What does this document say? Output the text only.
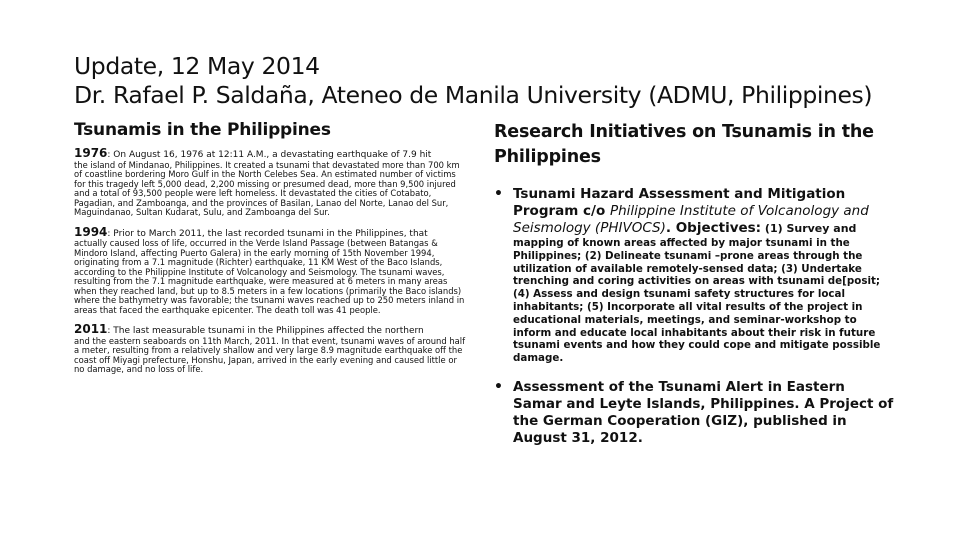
Update, 12 May 2014
Dr. Rafael P. Saldaña, Ateneo de Manila University (ADMU, Philippines)
Tsunamis in the Philippines
1976: On August 16, 1976 at 12:11 A.M., a devastating earthquake of 7.9 hit
the island of Mindanao, Philippines. It created a tsunami that devastated more than 700 km of coastline bordering Moro Gulf in the North Celebes Sea. An estimated number of victims for this tragedy left 5,000 dead, 2,200 missing or presumed dead, more than 9,500 injured and a total of 93,500 people were left homeless. It devastated the cities of Cotabato, Pagadian, and Zamboanga, and the provinces of Basilan, Lanao del Norte, Lanao del Sur, Maguindanao, Sultan Kudarat, Sulu, and Zamboanga del Sur.
1994: Prior to March 2011, the last recorded tsunami in the Philippines, that
actually caused loss of life, occurred in the Verde Island Passage (between Batangas & Mindoro Island, affecting Puerto Galera) in the early morning of 15th November 1994, originating from a 7.1 magnitude (Richter) earthquake, 11 KM West of the Baco Islands, according to the Philippine Institute of Volcanology and Seismology. The tsunami waves, resulting from the 7.1 magnitude earthquake, were measured at 6 meters in many areas when they reached land, but up to 8.5 meters in a few locations (primarily the Baco islands) where the bathymetry was favorable; the tsunami waves reached up to 250 meters inland in areas that faced the earthquake epicenter. The death toll was 41 people.
2011: The last measurable tsunami in the Philippines affected the northern
and the eastern seaboards on 11th March, 2011. In that event, tsunami waves of around half a meter, resulting from a relatively shallow and very large 8.9 magnitude earthquake off the coast off Miyagi prefecture, Honshu, Japan, arrived in the early evening and caused little or no damage, and no loss of life.
Research Initiatives on Tsunamis in the Philippines
• Tsunami Hazard Assessment and Mitigation Program c/o Philippine Institute of Volcanology and Seismology (PHIVOCS). Objectives: (1) Survey and
mapping of known areas affected by major tsunami in the Philippines; (2) Delineate tsunami –prone areas through the utilization of available remotely-sensed data; (3) Undertake trenching and coring activities on areas with tsunami de[posit; (4) Assess and design tsunami safety structures for local inhabitants; (5) Incorporate all vital results of the project in educational materials, meetings, and seminar-workshop to inform and educate local inhabitants about their risk in future tsunami events and how they could cope and mitigate possible damage.
• Assessment of the Tsunami Alert in Eastern Samar and Leyte Islands, Philippines. A Project of the German Cooperation (GIZ), published in August 31, 2012.
